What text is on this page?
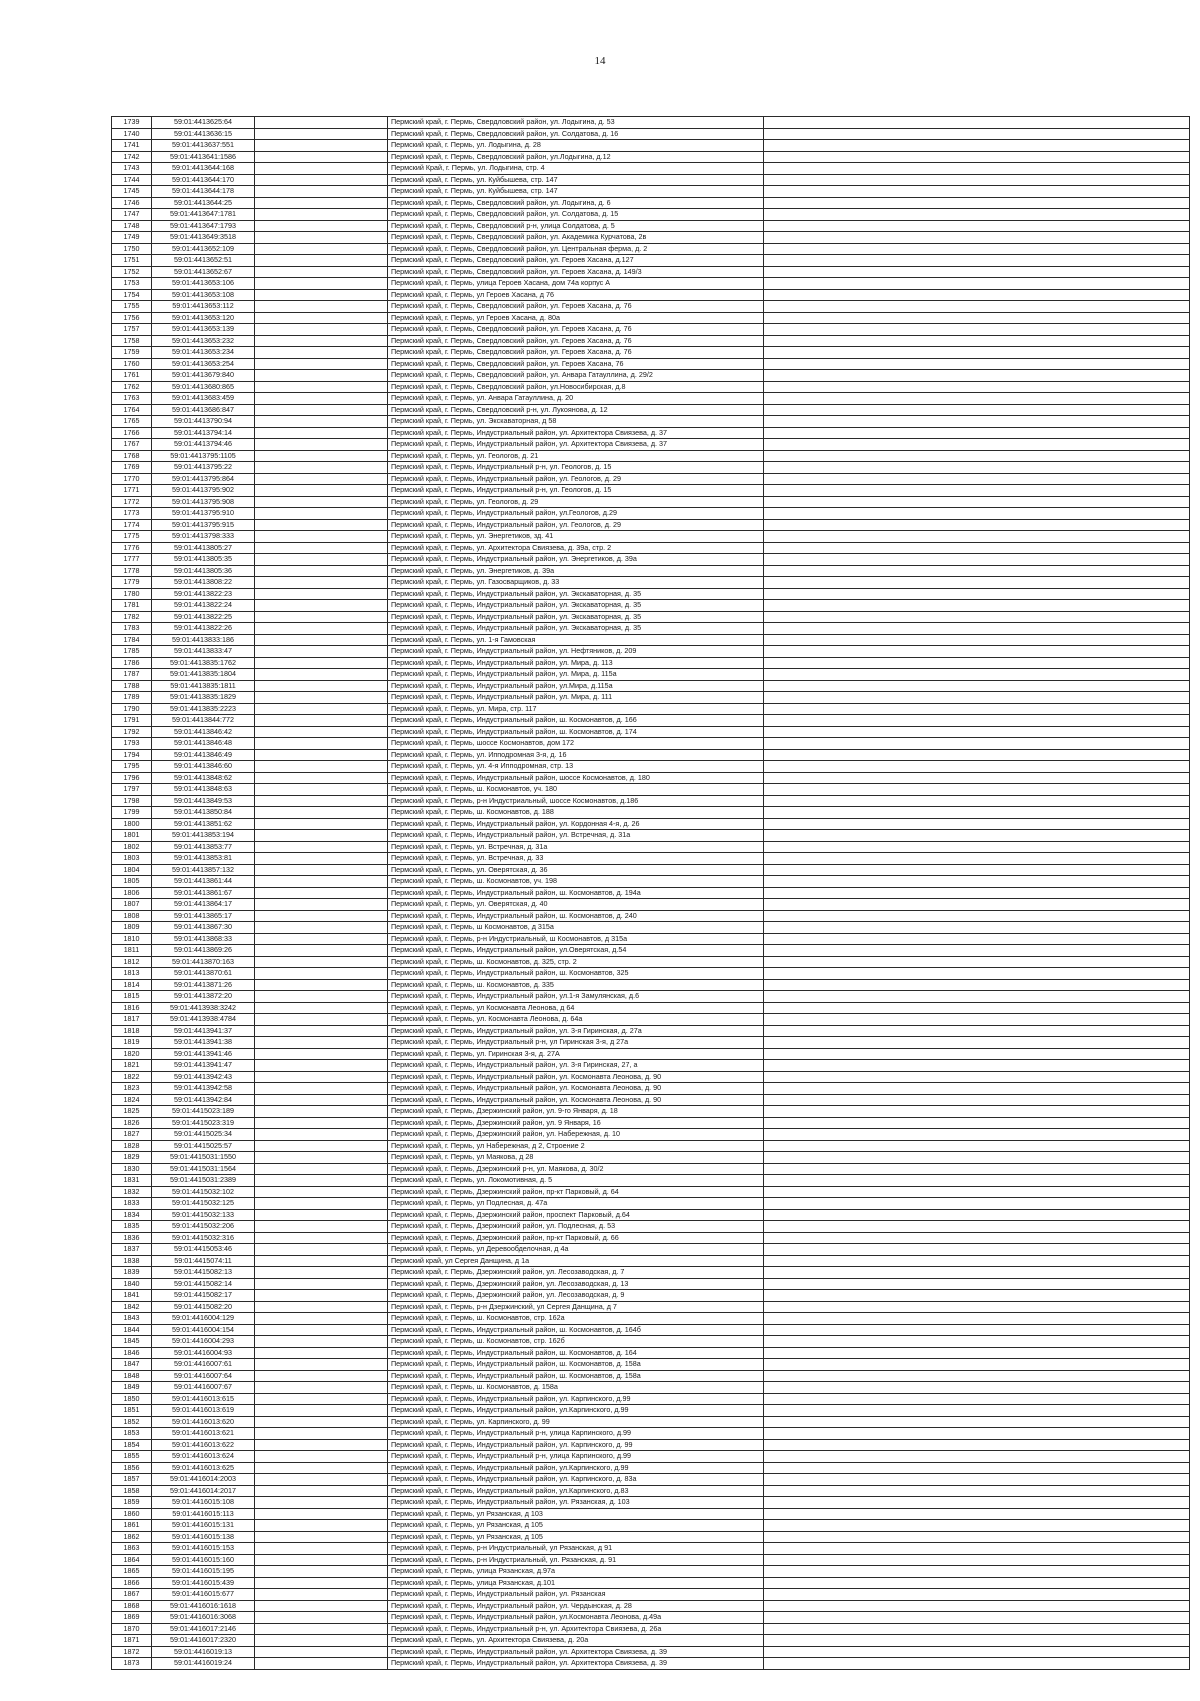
14
1739	59:01:4413625:64		Пермский край, г. Пермь, Свердловский район, ул. Лодыгина, д. 53	
1740	59:01:4413636:15		Пермский край, г. Пермь, Свердловский район, ул. Солдатова, д. 16	
1741	59:01:4413637:551		Пермский край, г. Пермь, ул. Лодыгина, д. 28	
1742	59:01:4413641:1586		Пермский край, г. Пермь, Свердловский район, ул.Лодыгина, д.12	
1743	59:01:4413644:168		Пермский Край, г. Пермь, ул. Лодыгина, стр. 4	
1744	59:01:4413644:170		Пермский край, г. Пермь, ул. Куйбышева, стр. 147	
1745	59:01:4413644:178		Пермский край, г. Пермь, ул. Куйбышева, стр. 147	
1746	59:01:4413644:25		Пермский край, г. Пермь, Свердловский район, ул. Лодыгина, д. 6	
1747	59:01:4413647:1781		Пермский край, г. Пермь, Свердловский район, ул. Солдатова, д. 15	
1748	59:01:4413647:1793		Пермский край, г. Пермь, Свердловский р-н, улица Солдатова, д. 5	
1749	59:01:4413649:3518		Пермский край, г. Пермь, Свердловский район, ул. Академика Курчатова, 2в	
1750	59:01:4413652:109		Пермский край, г. Пермь, Свердловский район, ул. Центральная ферма, д. 2	
1751	59:01:4413652:51		Пермский край, г. Пермь, Свердловский район, ул. Героев Хасана, д.127	
1752	59:01:4413652:67		Пермский край, г. Пермь, Свердловский район, ул. Героев Хасана, д. 149/3	
1753	59:01:4413653:106		Пермский край, г. Пермь, улица Героев Хасана, дом 74а корпус А	
1754	59:01:4413653:108		Пермский край, г. Пермь, ул Героев Хасана, д 76	
1755	59:01:4413653:112		Пермский край, г. Пермь, Свердловский район, ул. Героев Хасана, д. 76	
1756	59:01:4413653:120		Пермский край, г. Пермь, ул Героев Хасана, д. 80а	
1757	59:01:4413653:139		Пермский край, г. Пермь, Свердловский район, ул. Героев Хасана, д. 76	
1758	59:01:4413653:232		Пермский край, г. Пермь, Свердловский район, ул. Героев Хасана, д. 76	
1759	59:01:4413653:234		Пермский край, г. Пермь, Свердловский район, ул. Героев Хасана, д. 76	
1760	59:01:4413653:254		Пермский край, г. Пермь, Свердловский район, ул. Героев Хасана, 76	
1761	59:01:4413679:840		Пермский край, г. Пермь, Свердловский район, ул. Анвара Гатауллина, д. 29/2	
1762	59:01:4413680:865		Пермский край, г. Пермь, Свердловский район, ул.Новосибирская, д.8	
1763	59:01:4413683:459		Пермский край, г. Пермь, ул. Анвара Гатауллина, д. 20	
1764	59:01:4413686:847		Пермский край, г. Пермь, Свердловский р-н, ул. Лукоянова, д. 12	
1765	59:01:4413790:94		Пермский край, г. Пермь, ул. Экскаваторная, д 58	
1766	59:01:4413794:14		Пермский край, г. Пермь, Индустриальный район, ул. Архитектора Свиязева, д. 37	
1767	59:01:4413794:46		Пермский край, г. Пермь, Индустриальный район, ул. Архитектора Свиязева, д. 37	
1768	59:01:4413795:1105		Пермский край, г. Пермь, ул. Геологов, д. 21	
1769	59:01:4413795:22		Пермский край, г. Пермь, Индустриальный р-н, ул. Геологов, д. 15	
1770	59:01:4413795:864		Пермский край, г. Пермь, Индустриальный район, ул. Геологов, д. 29	
1771	59:01:4413795:902		Пермский край, г. Пермь, Индустриальный р-н, ул. Геологов, д. 15	
1772	59:01:4413795:908		Пермский край, г. Пермь, ул. Геологов, д. 29	
1773	59:01:4413795:910		Пермский край, г. Пермь, Индустриальный район, ул.Геологов, д.29	
1774	59:01:4413795:915		Пермский край, г. Пермь, Индустриальный район, ул. Геологов, д. 29	
1775	59:01:4413798:333		Пермский край, г. Пермь, ул. Энергетиков, зд. 41	
1776	59:01:4413805:27		Пермский край, г. Пермь, ул. Архитектора Свиязева, д. 39а, стр. 2	
1777	59:01:4413805:35		Пермский край, г. Пермь, Индустриальный район, ул. Энергетиков, д. 39а	
1778	59:01:4413805:36		Пермский край, г. Пермь, ул. Энергетиков, д. 39а	
1779	59:01:4413808:22		Пермский край, г. Пермь, ул. Газосварщиков, д. 33	
1780	59:01:4413822:23		Пермский край, г. Пермь, Индустриальный район, ул. Экскаваторная, д. 35	
1781	59:01:4413822:24		Пермский край, г. Пермь, Индустриальный район, ул. Экскаваторная, д. 35	
1782	59:01:4413822:25		Пермский край, г. Пермь, Индустриальный район, ул. Экскаваторная, д. 35	
1783	59:01:4413822:26		Пермский край, г. Пермь, Индустриальный район, ул. Экскаваторная, д. 35	
1784	59:01:4413833:186		Пермский край, г. Пермь, ул. 1-я Гамовская	
1785	59:01:4413833:47		Пермский край, г. Пермь, Индустриальный район, ул. Нефтяников, д. 209	
1786	59:01:4413835:1762		Пермский край, г. Пермь, Индустриальный район, ул. Мира, д. 113	
1787	59:01:4413835:1804		Пермский край, г. Пермь, Индустриальный район, ул. Мира, д. 115а	
1788	59:01:4413835:1811		Пермский край, г. Пермь, Индустриальный район, ул.Мира, д.115а	
1789	59:01:4413835:1829		Пермский край, г. Пермь, Индустриальный район, ул. Мира, д. 111	
1790	59:01:4413835:2223		Пермский край, г. Пермь, ул. Мира, стр. 117	
1791	59:01:4413844:772		Пермский край, г. Пермь, Индустриальный район, ш. Космонавтов, д. 166	
1792	59:01:4413846:42		Пермский край, г. Пермь, Индустриальный район, ш. Космонавтов, д. 174	
1793	59:01:4413846:48		Пермский край, г. Пермь, шоссе Космонавтов, дом 172	
1794	59:01:4413846:49		Пермский край, г. Пермь, ул. Ипподромная 3-я, д. 16	
1795	59:01:4413846:60		Пермский край, г. Пермь, ул. 4-я Ипподромная, стр. 13	
1796	59:01:4413848:62		Пермский край, г. Пермь, Индустриальный район, шоссе Космонавтов, д. 180	
1797	59:01:4413848:63		Пермский край, г. Пермь, ш. Космонавтов, уч. 180	
1798	59:01:4413849:53		Пермский край, г. Пермь, р-н Индустриальный, шоссе Космонавтов, д.186	
1799	59:01:4413850:84		Пермский край, г. Пермь, ш. Космонавтов, д. 188	
1800	59:01:4413851:62		Пермский край, г. Пермь, Индустриальный район, ул. Кордонная 4-я, д. 26	
1801	59:01:4413853:194		Пермский край, г. Пермь, Индустриальный район, ул. Встречная, д. 31а	
1802	59:01:4413853:77		Пермский край, г. Пермь, ул. Встречная, д. 31а	
1803	59:01:4413853:81		Пермский край, г. Пермь, ул. Встречная, д. 33	
1804	59:01:4413857:132		Пермский край, г. Пермь, ул. Оверятская, д. 36	
1805	59:01:4413861:44		Пермский край, г. Пермь, ш. Космонавтов, уч. 198	
1806	59:01:4413861:67		Пермский край, г. Пермь, Индустриальный район, ш. Космонавтов, д. 194а	
1807	59:01:4413864:17		Пермский край, г. Пермь, ул. Оверятская, д. 40	
1808	59:01:4413865:17		Пермский край, г. Пермь, Индустриальный район, ш. Космонавтов, д. 240	
1809	59:01:4413867:30		Пермский край, г. Пермь, ш Космонавтов, д 315а	
1810	59:01:4413868:33		Пермский край, г. Пермь, р-н Индустриальный, ш Космонавтов, д 315а	
1811	59:01:4413869:26		Пермский край, г. Пермь, Индустриальный район, ул.Оверятская, д.54	
1812	59:01:4413870:163		Пермский край, г. Пермь, ш. Космонавтов, д. 325, стр. 2	
1813	59:01:4413870:61		Пермский край, г. Пермь, Индустриальный район, ш. Космонавтов, 325	
1814	59:01:4413871:26		Пермский край, г. Пермь, ш. Космонавтов, д. 335	
1815	59:01:4413872:20		Пермский край, г. Пермь, Индустриальный район, ул.1-я Замулянская, д.6	
1816	59:01:4413938:3242		Пермский край, г. Пермь, ул Космонавта Леонова, д 64	
1817	59:01:4413938:4784		Пермский край, г. Пермь, ул. Космонавта Леонова, д. 64а	
1818	59:01:4413941:37		Пермский край, г. Пермь, Индустриальный район, ул. 3-я Гиринская, д. 27а	
1819	59:01:4413941:38		Пермский край, г. Пермь, Индустриальный р-н, ул Гиринская 3-я, д 27а	
1820	59:01:4413941:46		Пермский край, г. Пермь, ул. Гиринская 3-я, д. 27А	
1821	59:01:4413941:47		Пермский край, г. Пермь, Индустриальный район, ул. 3-я Гиринская, 27, а	
1822	59:01:4413942:43		Пермский край, г. Пермь, Индустриальный район, ул. Космонавта Леонова, д. 90	
1823	59:01:4413942:58		Пермский край, г. Пермь, Индустриальный район, ул. Космонавта Леонова, д. 90	
1824	59:01:4413942:84		Пермский край, г. Пермь, Индустриальный район, ул. Космонавта Леонова, д. 90	
1825	59:01:4415023:189		Пермский край, г. Пермь, Дзержинский район, ул. 9-го Января, д. 18	
1826	59:01:4415023:319		Пермский край, г. Пермь, Дзержинский район, ул. 9 Января, 16	
1827	59:01:4415025:34		Пермский край, г. Пермь, Дзержинский район, ул. Набережная, д. 10	
1828	59:01:4415025:57		Пермский край, г. Пермь, ул Набережная, д 2, Строение 2	
1829	59:01:4415031:1550		Пермский край, г. Пермь, ул Маякова, д 28	
1830	59:01:4415031:1564		Пермский край, г. Пермь, Дзержинский р-н, ул. Маякова, д. 30/2	
1831	59:01:4415031:2389		Пермский край, г. Пермь, ул. Локомотивная, д. 5	
1832	59:01:4415032:102		Пермский край, г. Пермь, Дзержинский район, пр-кт Парковый, д. 64	
1833	59:01:4415032:125		Пермский край, г. Пермь, ул Подлесная, д. 47а	
1834	59:01:4415032:133		Пермский край, г. Пермь, Дзержинский район, проспект Парковый, д.64	
1835	59:01:4415032:206		Пермский край, г. Пермь, Дзержинский район, ул. Подлесная, д. 53	
1836	59:01:4415032:316		Пермский край, г. Пермь, Дзержинский район, пр-кт Парковый, д. 66	
1837	59:01:4415053:46		Пермский край, г. Пермь, ул Деревообделочная, д 4а	
1838	59:01:4415074:11		Пермский край, ул Сергея Данщина, д 1а	
1839	59:01:4415082:13		Пермский край, г. Пермь, Дзержинский район, ул. Лесозаводская, д. 7	
1840	59:01:4415082:14		Пермский край, г. Пермь, Дзержинский район, ул. Лесозаводская, д. 13	
1841	59:01:4415082:17		Пермский край, г. Пермь, Дзержинский район, ул. Лесозаводская, д. 9	
1842	59:01:4415082:20		Пермский край, г. Пермь, р-н Дзержинский, ул Сергея Данщина, д 7	
1843	59:01:4416004:129		Пермский край, г. Пермь, ш. Космонавтов, стр. 162а	
1844	59:01:4416004:154		Пермский край, г. Пермь, Индустриальный район, ш. Космонавтов, д. 164б	
1845	59:01:4416004:293		Пермский край, г. Пермь, ш. Космонавтов, стр. 162б	
1846	59:01:4416004:93		Пермский край, г. Пермь, Индустриальный район, ш. Космонавтов, д. 164	
1847	59:01:4416007:61		Пермский край, г. Пермь, Индустриальный район, ш. Космонавтов, д. 158а	
1848	59:01:4416007:64		Пермский край, г. Пермь, Индустриальный район, ш. Космонавтов, д. 158а	
1849	59:01:4416007:67		Пермский край, г. Пермь, ш. Космонавтов, д. 158а	
1850	59:01:4416013:615		Пермский край, г. Пермь, Индустриальный район, ул. Карпинского, д.99	
1851	59:01:4416013:619		Пермский край, г. Пермь, Индустриальный район, ул.Карпинского, д.99	
1852	59:01:4416013:620		Пермский край, г. Пермь, ул. Карпинского, д. 99	
1853	59:01:4416013:621		Пермский край, г. Пермь, Индустриальный р-н, улица Карпинского, д.99	
1854	59:01:4416013:622		Пермский край, г. Пермь, Индустриальный район, ул. Карпинского, д. 99	
1855	59:01:4416013:624		Пермский край, г. Пермь, Индустриальный р-н, улица Карпинского, д.99	
1856	59:01:4416013:625		Пермский край, г. Пермь, Индустриальный район, ул.Карпинского, д.99	
1857	59:01:4416014:2003		Пермский край, г. Пермь, Индустриальный район, ул. Карпинского, д. 83а	
1858	59:01:4416014:2017		Пермский край, г. Пермь, Индустриальный район, ул.Карпинского, д.83	
1859	59:01:4416015:108		Пермский край, г. Пермь, Индустриальный район, ул. Рязанская, д. 103	
1860	59:01:4416015:113		Пермский край, г. Пермь, ул Рязанская, д 103	
1861	59:01:4416015:131		Пермский край, г. Пермь, ул Рязанская, д 105	
1862	59:01:4416015:138		Пермский край, г. Пермь, ул Рязанская, д 105	
1863	59:01:4416015:153		Пермский край, г. Пермь, р-н Индустриальный, ул Рязанская, д 91	
1864	59:01:4416015:160		Пермский край, г. Пермь, р-н Индустриальный, ул. Рязанская, д. 91	
1865	59:01:4416015:195		Пермский край, г. Пермь, улица Рязанская, д.97а	
1866	59:01:4416015:439		Пермский край, г. Пермь, улица Рязанская, д.101	
1867	59:01:4416015:677		Пермский край, г. Пермь, Индустриальный район, ул. Рязанская	
1868	59:01:4416016:1618		Пермский край, г. Пермь, Индустриальный район, ул. Чердынская, д. 28	
1869	59:01:4416016:3068		Пермский край, г. Пермь, Индустриальный район, ул.Космонавта Леонова, д.49а	
1870	59:01:4416017:2146		Пермский край, г. Пермь, Индустриальный р-н, ул. Архитектора Свиязева, д. 26а	
1871	59:01:4416017:2320		Пермский край, г. Пермь, ул. Архитектора Свиязева, д. 20а	
1872	59:01:4416019:13		Пермский край, г. Пермь, Индустриальный район, ул. Архитектора Свиязева, д. 39	
1873	59:01:4416019:24		Пермский край, г. Пермь, Индустриальный район, ул. Архитектора Свиязева, д. 39	
